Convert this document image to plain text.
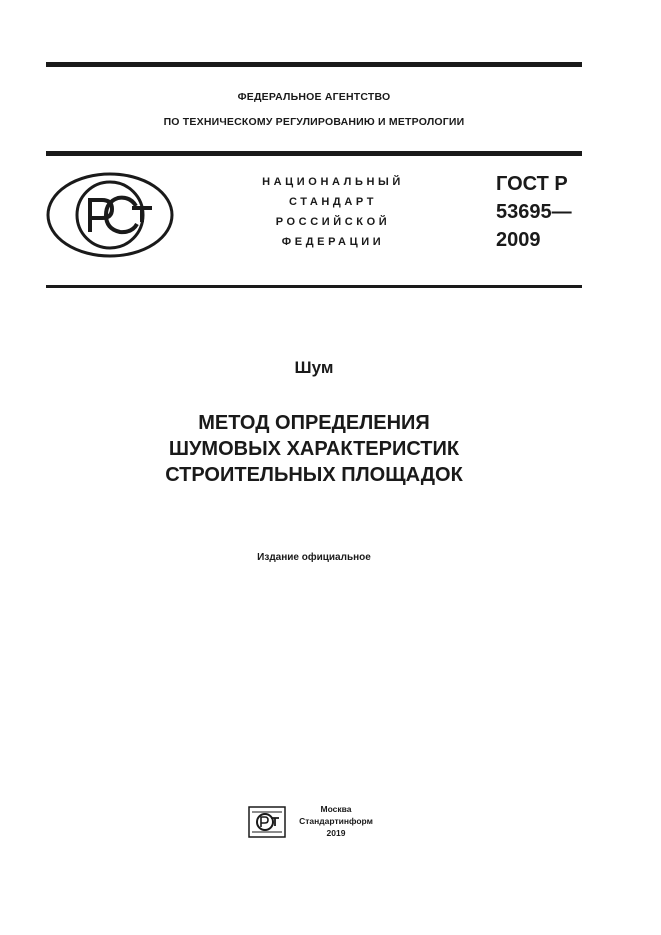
ФЕДЕРАЛЬНОЕ АГЕНТСТВО
ПО ТЕХНИЧЕСКОМУ РЕГУЛИРОВАНИЮ И МЕТРОЛОГИИ
НАЦИОНАЛЬНЫЙ
СТАНДАРТ
РОССИЙСКОЙ
ФЕДЕРАЦИИ
ГОСТ Р
53695—
2009
Шум
МЕТОД ОПРЕДЕЛЕНИЯ
ШУМОВЫХ ХАРАКТЕРИСТИК
СТРОИТЕЛЬНЫХ ПЛОЩАДОК
Издание официальное
Москва
Стандартинформ
2019
